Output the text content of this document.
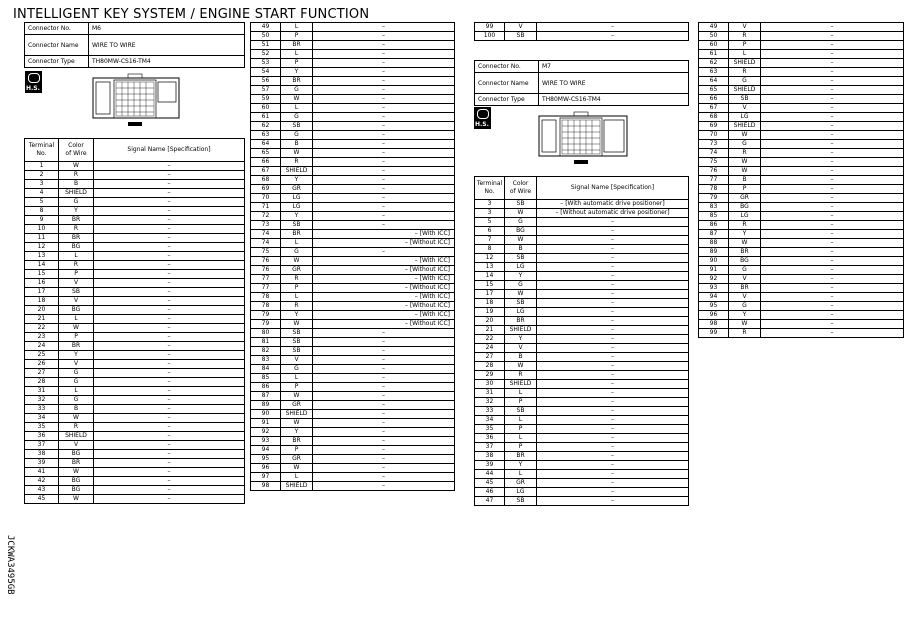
INTELLIGENT KEY SYSTEM / ENGINE START FUNCTION
JCKWA3495GB
Connector No.	M6
Connector Name	WIRE TO WIRE
Connector Type	TH80MW-CS16-TM4
H.S.
Terminal
No.	Color
of Wire	Signal Name [Specification]
1	W	–
2	R	–
3	B	–
4	SHIELD	–
5	G	–
8	Y	–
9	BR	–
10	R	–
11	BR	–
12	BG	–
13	L	–
14	R	–
15	P	–
16	V	–
17	SB	–
18	V	–
20	BG	–
21	L	–
22	W	–
23	P	–
24	BR	–
25	Y	–
26	V	–
27	G	–
28	G	–
31	L	–
32	G	–
33	B	–
34	W	–
35	R	–
36	SHIELD	–
37	V	–
38	BG	–
39	BR	–
41	W	–
42	BG	–
43	BG	–
45	W	–
49	L	–
50	P	–
51	BR	–
52	L	–
53	P	–
54	Y	–
56	BR	–
57	G	–
59	W	–
60	L	–
61	G	–
62	SB	–
63	G	–
64	B	–
65	W	–
66	R	–
67	SHIELD	–
68	Y	–
69	GR	–
70	LG	–
71	LG	–
72	Y	–
73	SB	–
74	BR	– [With ICC]
74	L	– [Without ICC]
75	G	–
76	W	– [With ICC]
76	GR	– [Without ICC]
77	R	– [With ICC]
77	P	– [Without ICC]
78	L	– [With ICC]
78	R	– [Without ICC]
79	Y	– [With ICC]
79	W	– [Without ICC]
80	SB	–
81	SB	–
82	SB	–
83	V	–
84	G	–
85	L	–
86	P	–
87	W	–
89	GR	–
90	SHIELD	–
91	W	–
92	Y	–
93	BR	–
94	P	–
95	GR	–
96	W	–
97	L	–
98	SHIELD	–
99	V	–
100	SB	–
Connector No.	M7
Connector Name	WIRE TO WIRE
Connector Type	TH80MW-CS16-TM4
H.S.
Terminal
No.	Color
of Wire	Signal Name [Specification]
3	SB	– [With automatic drive positioner]
3	W	– [Without automatic drive positioner]
5	G	–
6	BG	–
7	W	–
8	B	–
12	SB	–
13	LG	–
14	Y	–
15	G	–
17	W	–
18	SB	–
19	LG	–
20	BR	–
21	SHIELD	–
22	Y	–
24	V	–
27	B	–
28	W	–
29	R	–
30	SHIELD	–
31	L	–
32	P	–
33	SB	–
34	L	–
35	P	–
36	L	–
37	P	–
38	BR	–
39	Y	–
44	L	–
45	GR	–
46	LG	–
47	SB	–
49	V	–
50	R	–
60	P	–
61	L	–
62	SHIELD	–
63	R	–
64	G	–
65	SHIELD	–
66	SB	–
67	V	–
68	LG	–
69	SHIELD	–
70	W	–
73	G	–
74	R	–
75	W	–
76	W	–
77	B	–
78	P	–
79	GR	–
83	BG	–
85	LG	–
86	R	–
87	Y	–
88	W	–
89	BR	–
90	BG	–
91	G	–
92	V	–
93	BR	–
94	V	–
95	G	–
96	Y	–
98	W	–
99	R	–
